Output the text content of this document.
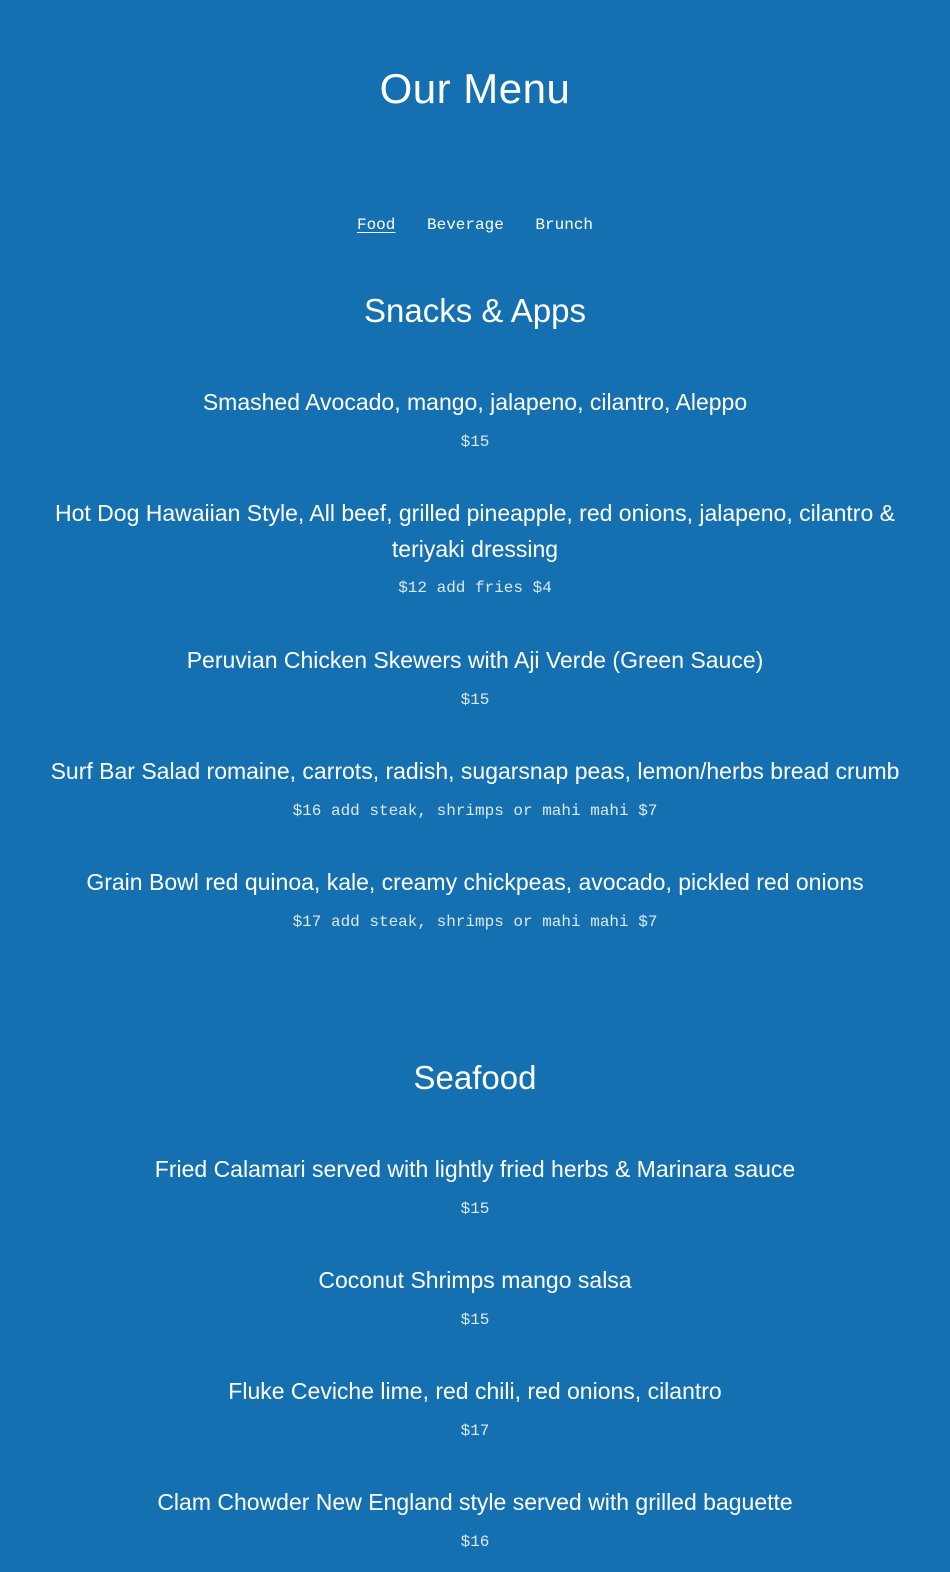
Our Menu
Food Beverage Brunch
Snacks & Apps
Smashed Avocado, mango, jalapeno, cilantro, Aleppo
$15
Hot Dog Hawaiian Style, All beef, grilled pineapple, red onions, jalapeno, cilantro & teriyaki dressing
$12 add fries $4
Peruvian Chicken Skewers with Aji Verde (Green Sauce)
$15
Surf Bar Salad romaine, carrots, radish, sugarsnap peas, lemon/herbs bread crumb
$16 add steak, shrimps or mahi mahi $7
Grain Bowl red quinoa, kale, creamy chickpeas, avocado, pickled red onions
$17 add steak, shrimps or mahi mahi $7
Seafood
Fried Calamari served with lightly fried herbs & Marinara sauce
$15
Coconut Shrimps mango salsa
$15
Fluke Ceviche lime, red chili, red onions, cilantro
$17
Clam Chowder New England style served with grilled baguette
$16
